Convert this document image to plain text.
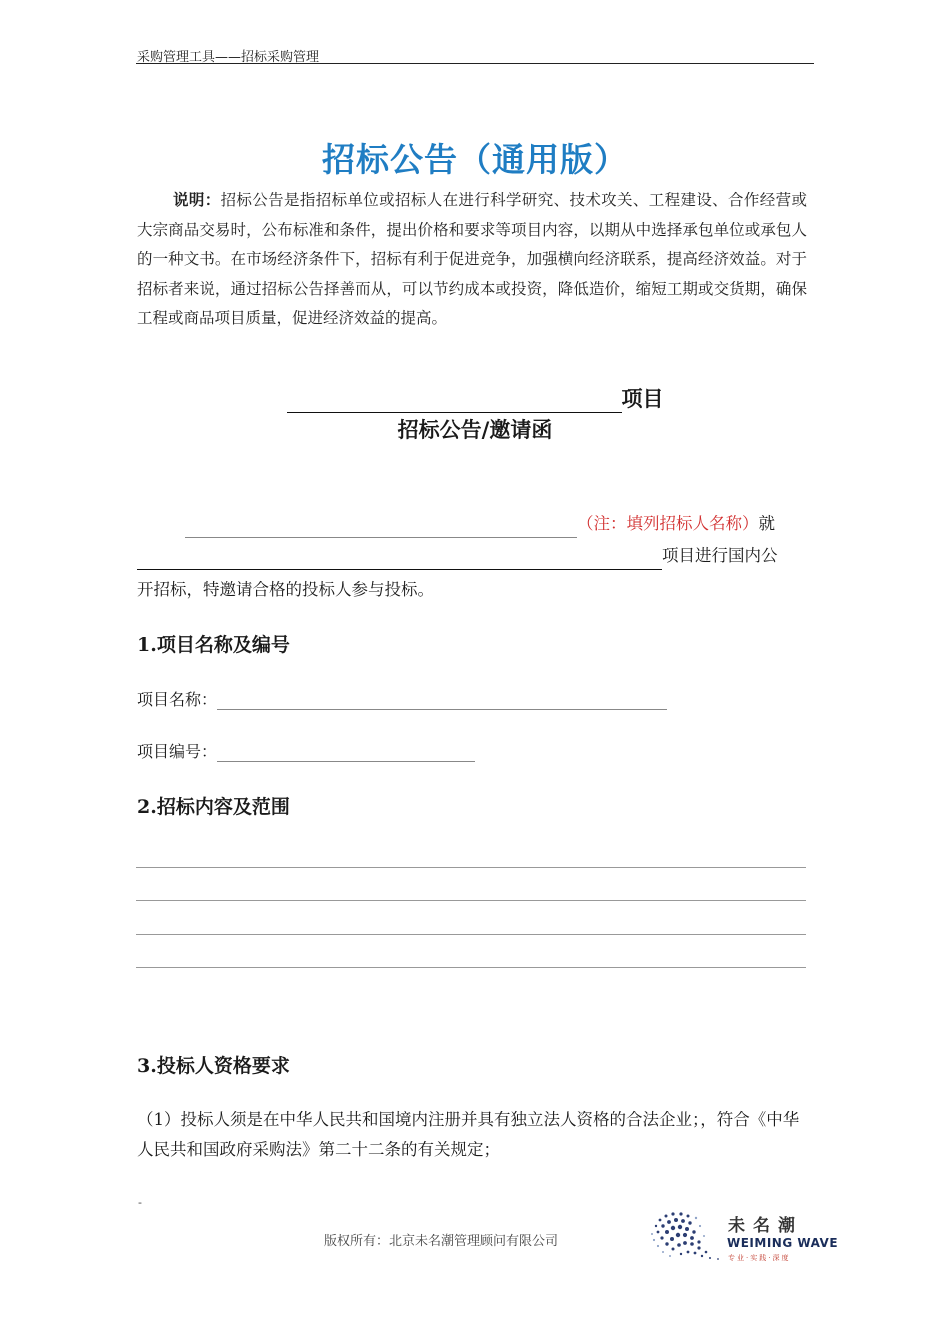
采购管理工具——招标采购管理
招标公告（通用版）
说明：招标公告是指招标单位或招标人在进行科学研究、技术攻关、工程建设、合作经营或大宗商品交易时，公布标准和条件，提出价格和要求等项目内容，以期从中选择承包单位或承包人的一种文书。在市场经济条件下，招标有利于促进竞争，加强横向经济联系，提高经济效益。对于招标者来说，通过招标公告择善而从，可以节约成本或投资，降低造价，缩短工期或交货期，确保工程或商品项目质量，促进经济效益的提高。
项目
招标公告/邀请函
（注：填列招标人名称）就
项目进行国内公
开招标，特邀请合格的投标人参与投标。
1.项目名称及编号
项目名称：
项目编号：
2.招标内容及范围
3.投标人资格要求
（1）投标人须是在中华人民共和国境内注册并具有独立法人资格的合法企业；，符合《中华人民共和国政府采购法》第二十二条的有关规定；
-
版权所有：北京未名潮管理顾问有限公司
未名潮
WEIMING WAVE
专业·实践·深度
